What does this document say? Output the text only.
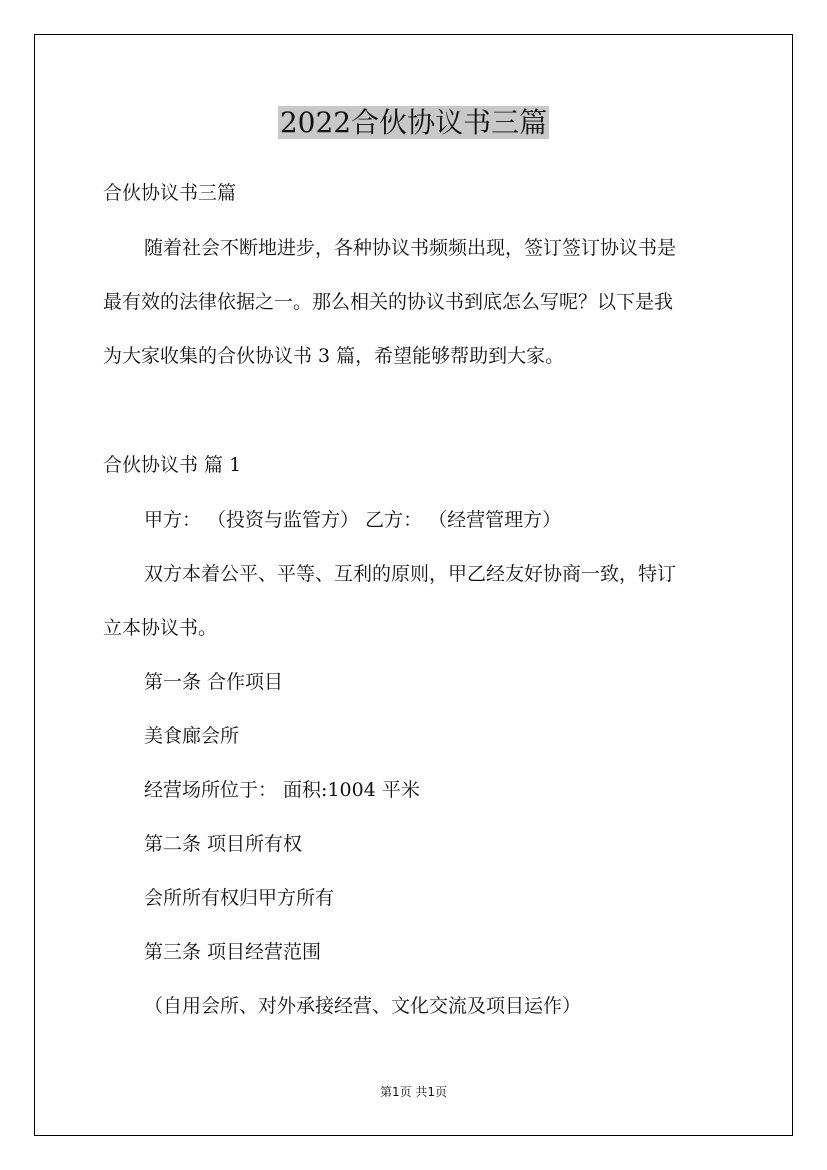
2022合伙协议书三篇

合伙协议书三篇

随着社会不断地进步，各种协议书频频出现，签订签订协议书是

最有效的法律依据之一。那么相关的协议书到底怎么写呢？以下是我

为大家收集的合伙协议书 3 篇，希望能够帮助到大家。

合伙协议书 篇 1

甲方： （投资与监管方） 乙方： （经营管理方）

双方本着公平、平等、互利的原则，甲乙经友好协商一致，特订

立本协议书。

第一条 合作项目

美食廊会所

经营场所位于： 面积:1004 平米

第二条 项目所有权

会所所有权归甲方所有

第三条 项目经营范围

（自用会所、对外承接经营、文化交流及项目运作）

第1页 共1页
